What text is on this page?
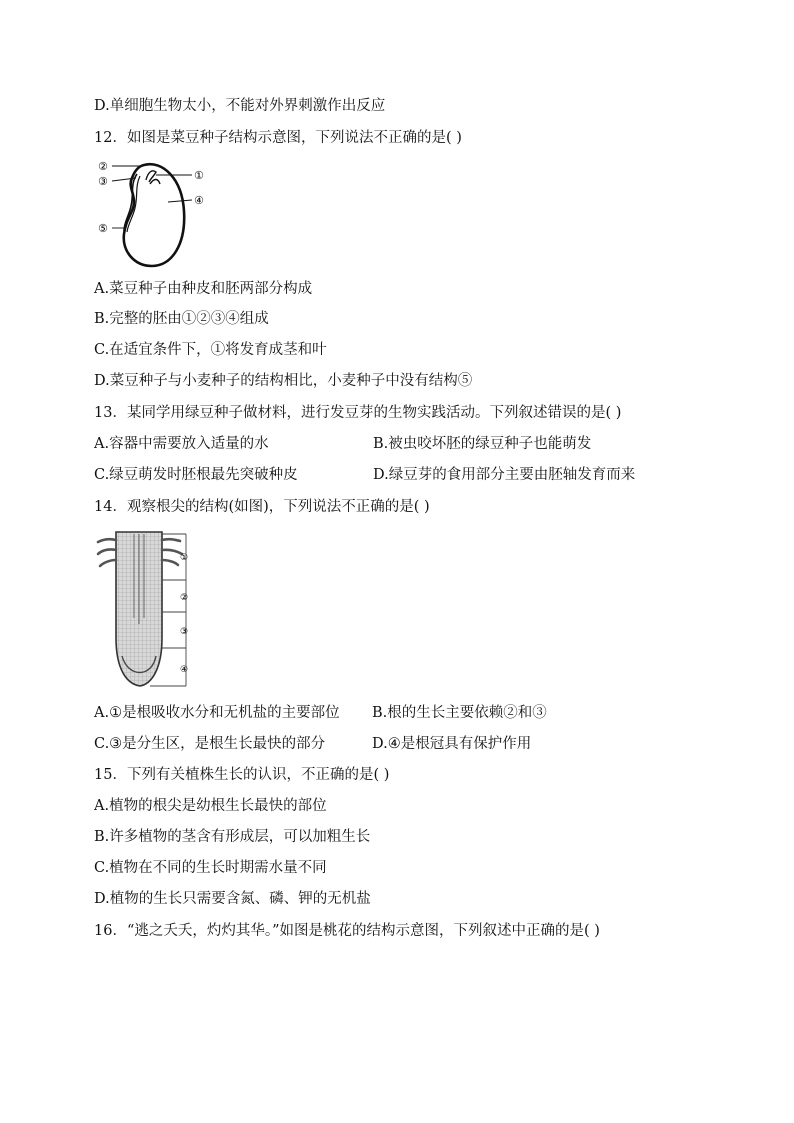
D.单细胞生物太小，不能对外界刺激作出反应
12．如图是菜豆种子结构示意图，下列说法不正确的是( )
②
③	①
④
⑤
A.菜豆种子由种皮和胚两部分构成
B.完整的胚由①②③④组成
C.在适宜条件下，①将发育成茎和叶
D.菜豆种子与小麦种子的结构相比，小麦种子中没有结构⑤
13．某同学用绿豆种子做材料，进行发豆芽的生物实践活动。下列叙述错误的是( )
A.容器中需要放入适量的水	B.被虫咬坏胚的绿豆种子也能萌发
C.绿豆萌发时胚根最先突破种皮	D.绿豆芽的食用部分主要由胚轴发育而来
14．观察根尖的结构(如图)，下列说法不正确的是( )
①
②
③
④
A.①是根吸收水分和无机盐的主要部位 B.根的生长主要依赖②和③
C.③是分生区，是根生长最快的部分	D.④是根冠具有保护作用
15．下列有关植株生长的认识，不正确的是( )
A.植物的根尖是幼根生长最快的部位
B.许多植物的茎含有形成层，可以加粗生长
C.植物在不同的生长时期需水量不同
D.植物的生长只需要含氮、磷、钾的无机盐
16．“逃之夭夭，灼灼其华。”如图是桃花的结构示意图，下列叙述中正确的是( )
